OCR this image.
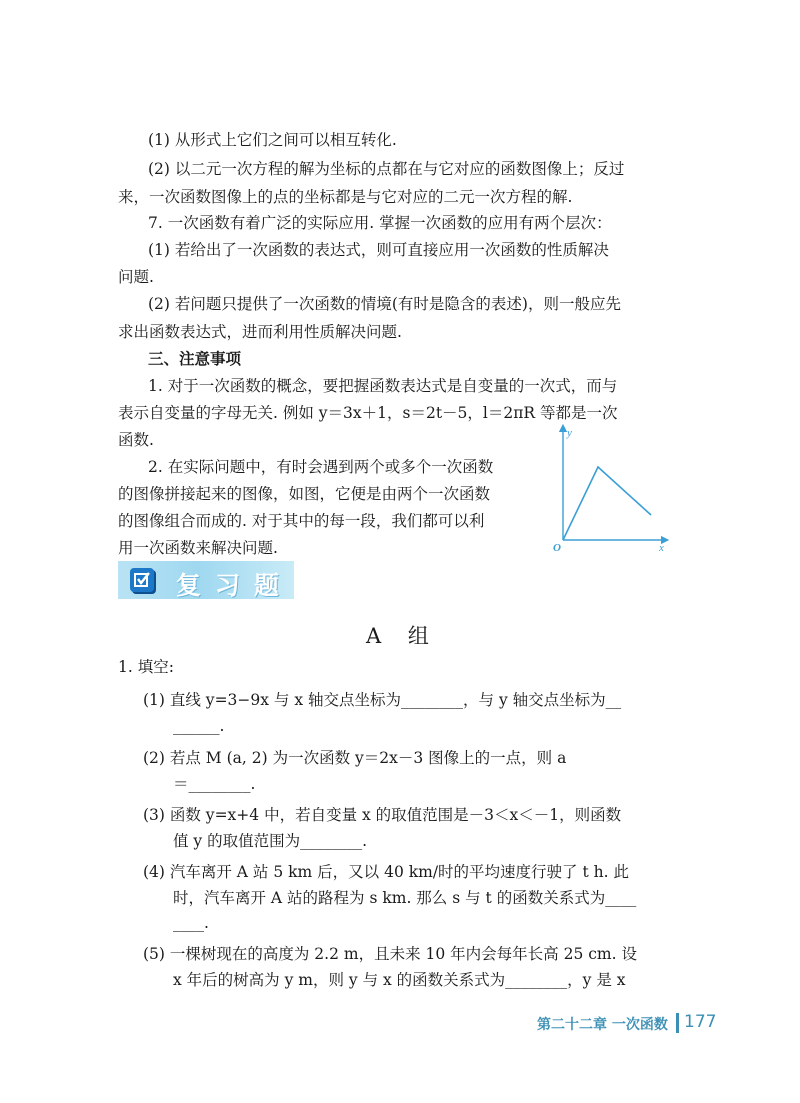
(1) 从形式上它们之间可以相互转化.
(2) 以二元一次方程的解为坐标的点都在与它对应的函数图像上；反过
来，一次函数图像上的点的坐标都是与它对应的二元一次方程的解.
7. 一次函数有着广泛的实际应用. 掌握一次函数的应用有两个层次：
(1) 若给出了一次函数的表达式，则可直接应用一次函数的性质解决
问题.
(2) 若问题只提供了一次函数的情境(有时是隐含的表述)，则一般应先
求出函数表达式，进而利用性质解决问题.
三、注意事项
1. 对于一次函数的概念，要把握函数表达式是自变量的一次式，而与
表示自变量的字母无关. 例如 y＝3x＋1，s＝2t－5，l＝2πR 等都是一次
函数.
2. 在实际问题中，有时会遇到两个或多个一次函数
的图像拼接起来的图像，如图，它便是由两个一次函数
的图像组合而成的. 对于其中的每一段，我们都可以利
用一次函数来解决问题.
y
x
O
复习题
A 组
1. 填空:
(1) 直线 y=3−9x 与 x 轴交点坐标为________，与 y 轴交点坐标为__
______.
(2) 若点 M (a, 2) 为一次函数 y＝2x－3 图像上的一点，则 a
＝________.
(3) 函数 y=x+4 中，若自变量 x 的取值范围是－3＜x＜－1，则函数
值 y 的取值范围为________.
(4) 汽车离开 A 站 5 km 后，又以 40 km/时的平均速度行驶了 t h. 此
时，汽车离开 A 站的路程为 s km. 那么 s 与 t 的函数关系式为____
____.
(5) 一棵树现在的高度为 2.2 m，且未来 10 年内会每年长高 25 cm. 设
x 年后的树高为 y m，则 y 与 x 的函数关系式为________，y 是 x
第二十二章 一次函数 177
